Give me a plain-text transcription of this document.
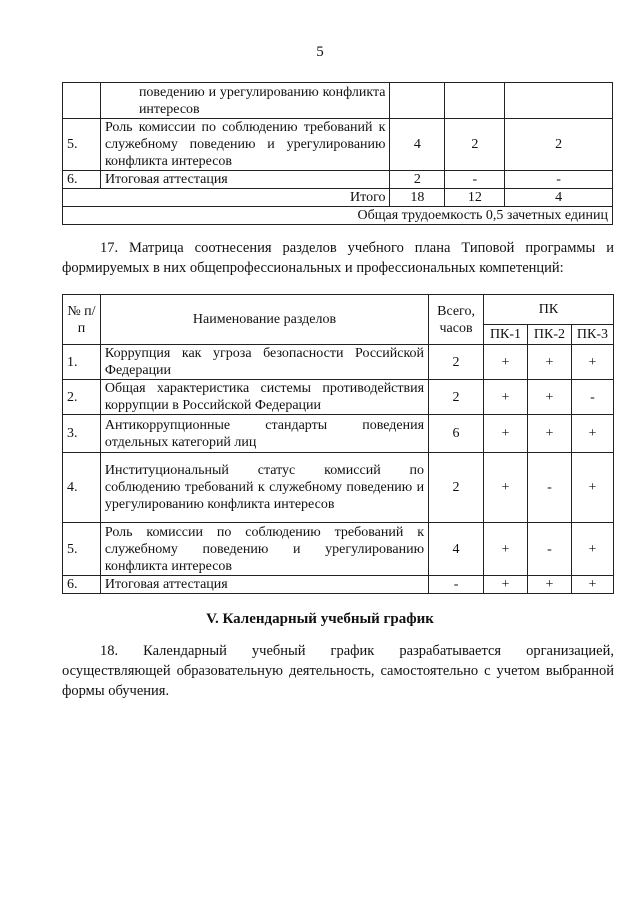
5
	поведению и урегулированию конфликта интересов			
5.	Роль комиссии по соблюдению требований к служебному поведению и урегулированию конфликта интересов	4	2	2
6.	Итоговая аттестация	2	-	-
Итого		18	12	4
Общая трудоемкость 0,5 зачетных единиц				
17. Матрица соотнесения разделов учебного плана Типовой программы и формируемых в них общепрофессиональных и профессиональных компетенций:
№ п/п	Наименование разделов	Всего, часов	ПК		
			ПК-1	ПК-2	ПК-3
1.	Коррупция как угроза безопасности Российской Федерации	2	+	+	+
2.	Общая характеристика системы противодействия коррупции в Российской Федерации	2	+	+	-
3.	Антикоррупционные стандарты поведения отдельных категорий лиц	6	+	+	+
4.	Институциональный статус комиссий по соблюдению требований к служебному поведению и урегулированию конфликта интересов	2	+	-	+
5.	Роль комиссии по соблюдению требований к служебному поведению и урегулированию конфликта интересов	4	+	-	+
6.	Итоговая аттестация	-	+	+	+
V. Календарный учебный график
18. Календарный учебный график разрабатывается организацией, осуществляющей образовательную деятельность, самостоятельно с учетом выбранной формы обучения.
